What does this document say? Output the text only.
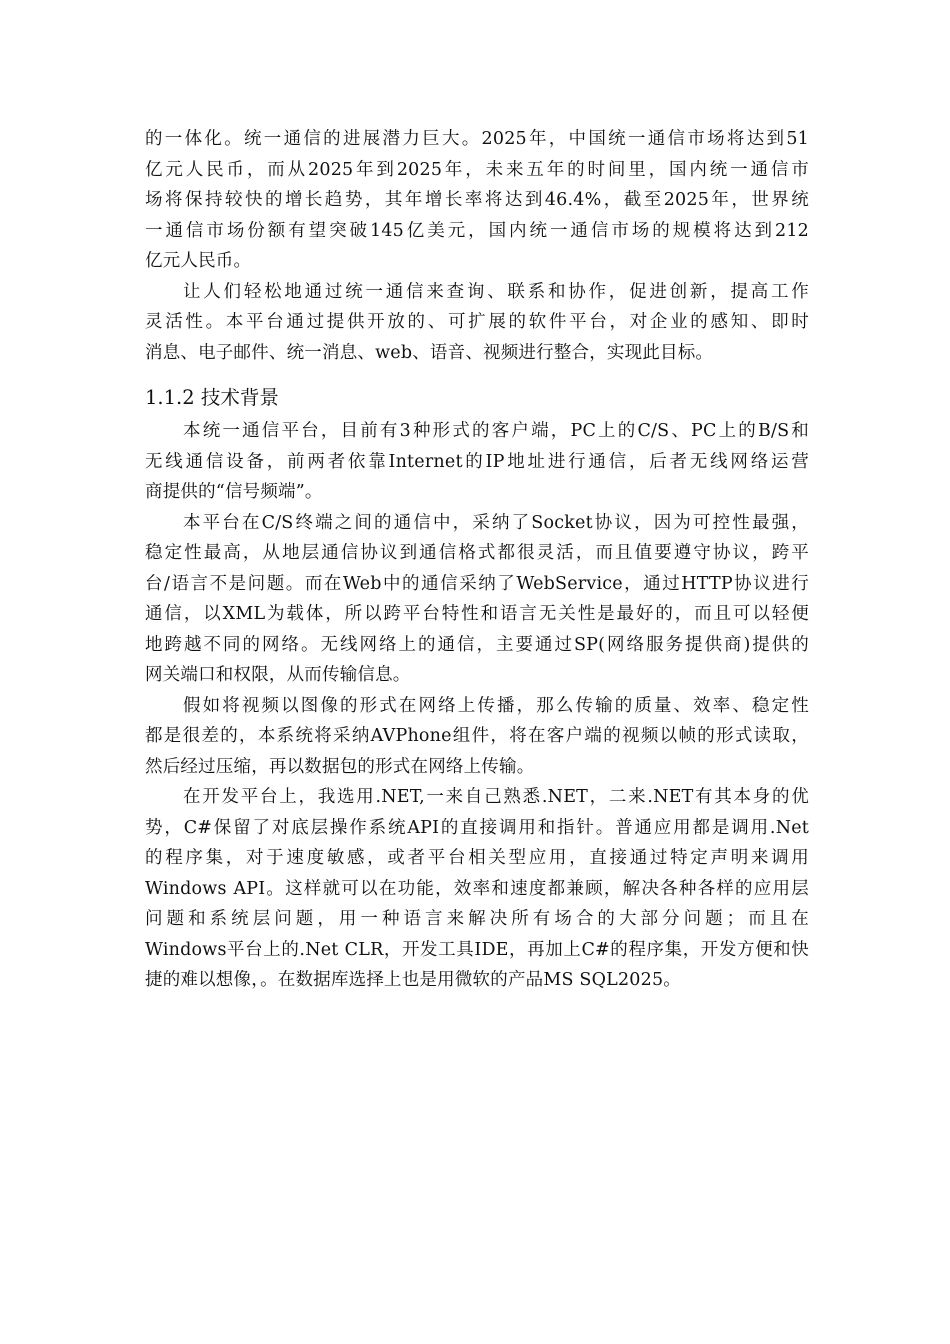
的一体化。统一通信的进展潜力巨大。2025年，中国统一通信市场将达到51
亿元人民币，而从2025年到2025年，未来五年的时间里，国内统一通信市
场将保持较快的增长趋势，其年增长率将达到46.4%，截至2025年，世界统
一通信市场份额有望突破145亿美元，国内统一通信市场的规模将达到212
亿元人民币。
让人们轻松地通过统一通信来查询、联系和协作，促进创新，提高工作
灵活性。本平台通过提供开放的、可扩展的软件平台，对企业的感知、即时
消息、电子邮件、统一消息、web、语音、视频进行整合，实现此目标。
1.1.2 技术背景
本统一通信平台，目前有3种形式的客户端，PC上的C/S、PC上的B/S和
无线通信设备，前两者依靠Internet的IP地址进行通信，后者无线网络运营
商提供的“信号频端”。
本平台在C/S终端之间的通信中，采纳了Socket协议，因为可控性最强，
稳定性最高，从地层通信协议到通信格式都很灵活，而且值要遵守协议，跨平
台/语言不是问题。而在Web中的通信采纳了WebService，通过HTTP协议进行
通信，以XML为载体，所以跨平台特性和语言无关性是最好的，而且可以轻便
地跨越不同的网络。无线网络上的通信，主要通过SP(网络服务提供商)提供的
网关端口和权限，从而传输信息。
假如将视频以图像的形式在网络上传播，那么传输的质量、效率、稳定性
都是很差的，本系统将采纳AVPhone组件，将在客户端的视频以帧的形式读取，
然后经过压缩，再以数据包的形式在网络上传输。
在开发平台上，我选用.NET,一来自己熟悉.NET，二来.NET有其本身的优
势，C#保留了对底层操作系统API的直接调用和指针。普通应用都是调用.Net
的程序集，对于速度敏感，或者平台相关型应用，直接通过特定声明来调用
Windows API。这样就可以在功能，效率和速度都兼顾，解决各种各样的应用层
问题和系统层问题，用一种语言来解决所有场合的大部分问题；而且在
Windows平台上的.Net CLR，开发工具IDE，再加上C#的程序集，开发方便和快
捷的难以想像，。在数据库选择上也是用微软的产品MS SQL2025。
